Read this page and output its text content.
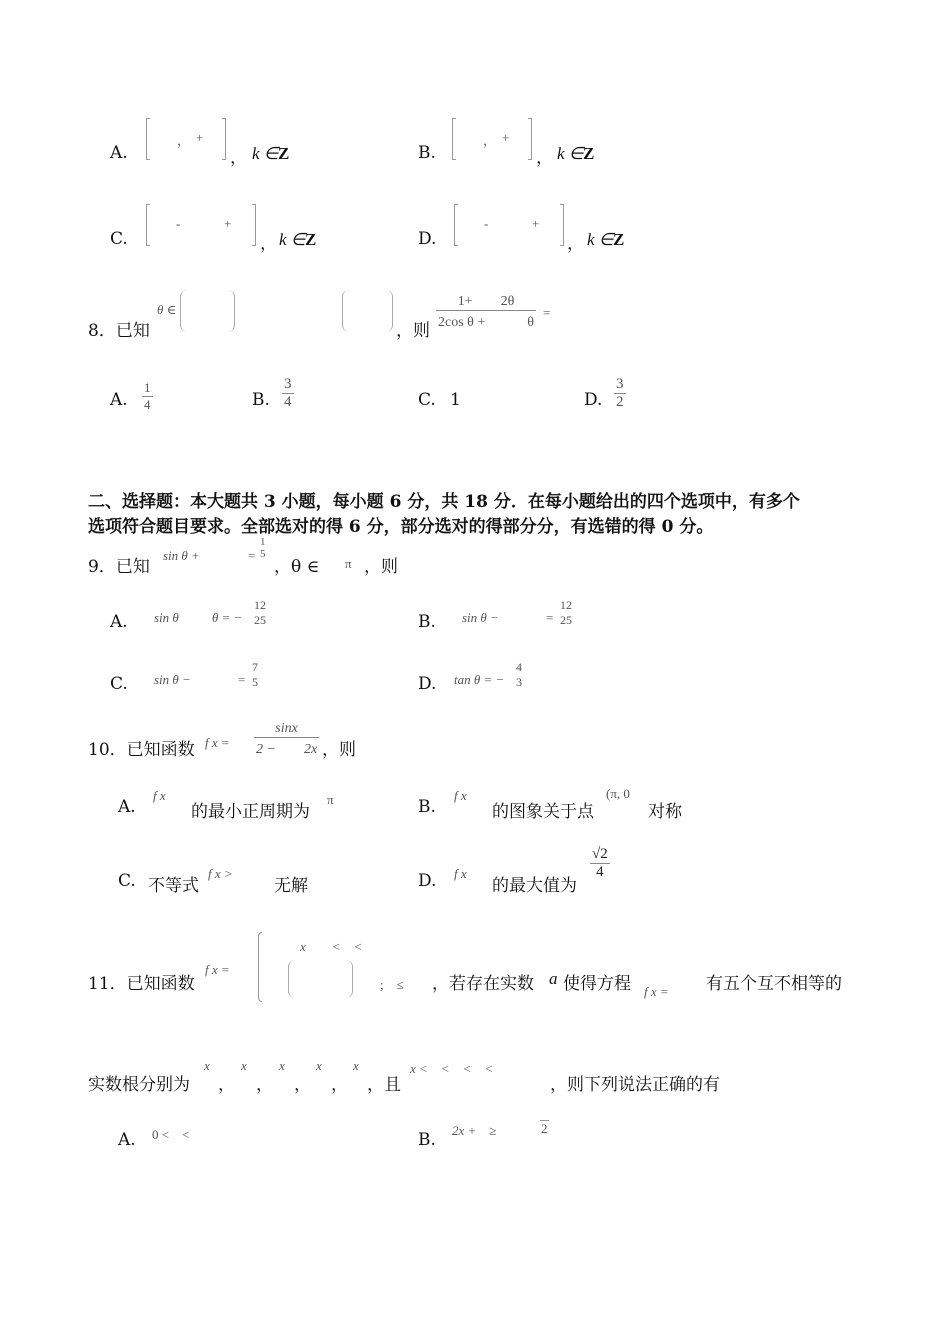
A.
， +
， k ∈ Z	B.
， +
， k ∈ Z
C.
-	+
， k ∈ Z	D.
-	+
， k ∈ Z
8．已知
θ ∈
，则 $\frac{1+ 2\theta}{\text{2cos θ +　　　θ}}$ =
A. $\frac{1}{4}$	B. $\frac{3}{4}$	C. 1	D. $\frac{3}{2}$
二、选择题：本大题共 3 小题，每小题 6 分，共 18 分．在每小题给出的四个选项中，有多个
选项符合题目要求。全部选对的得 6 分，部分选对的得部分分，有选错的得 0 分。
9．已知
sin θ +	=
1
5
，θ ∈ π ，则
A. sin θ	θ = −
12
25	B. sin θ −	=
12
25
C. sin θ −	=
7
5	D. tan θ = −
4
3
10．已知函数 f $x = \frac{\sin x}{2 - 2x}$ ，则
A.
f x
的最小正周期为
π	B.
f x
的图象关于点
(π, 0
对称
C. 不等式
f x >
无解	D. f x
的最大值为
$\frac{√2}{4}$
11．已知函数
f x =
x　　<　<
;　≤ ，若存在实数 a 使得方程 f x = 有五个互不相等的
实数根分别为
x
，
x
，
x
，
x
，
x
，且
x <　<　<　<
，则下列说法正确的有
A. 0 <　<	B. 2x +　≥	2
